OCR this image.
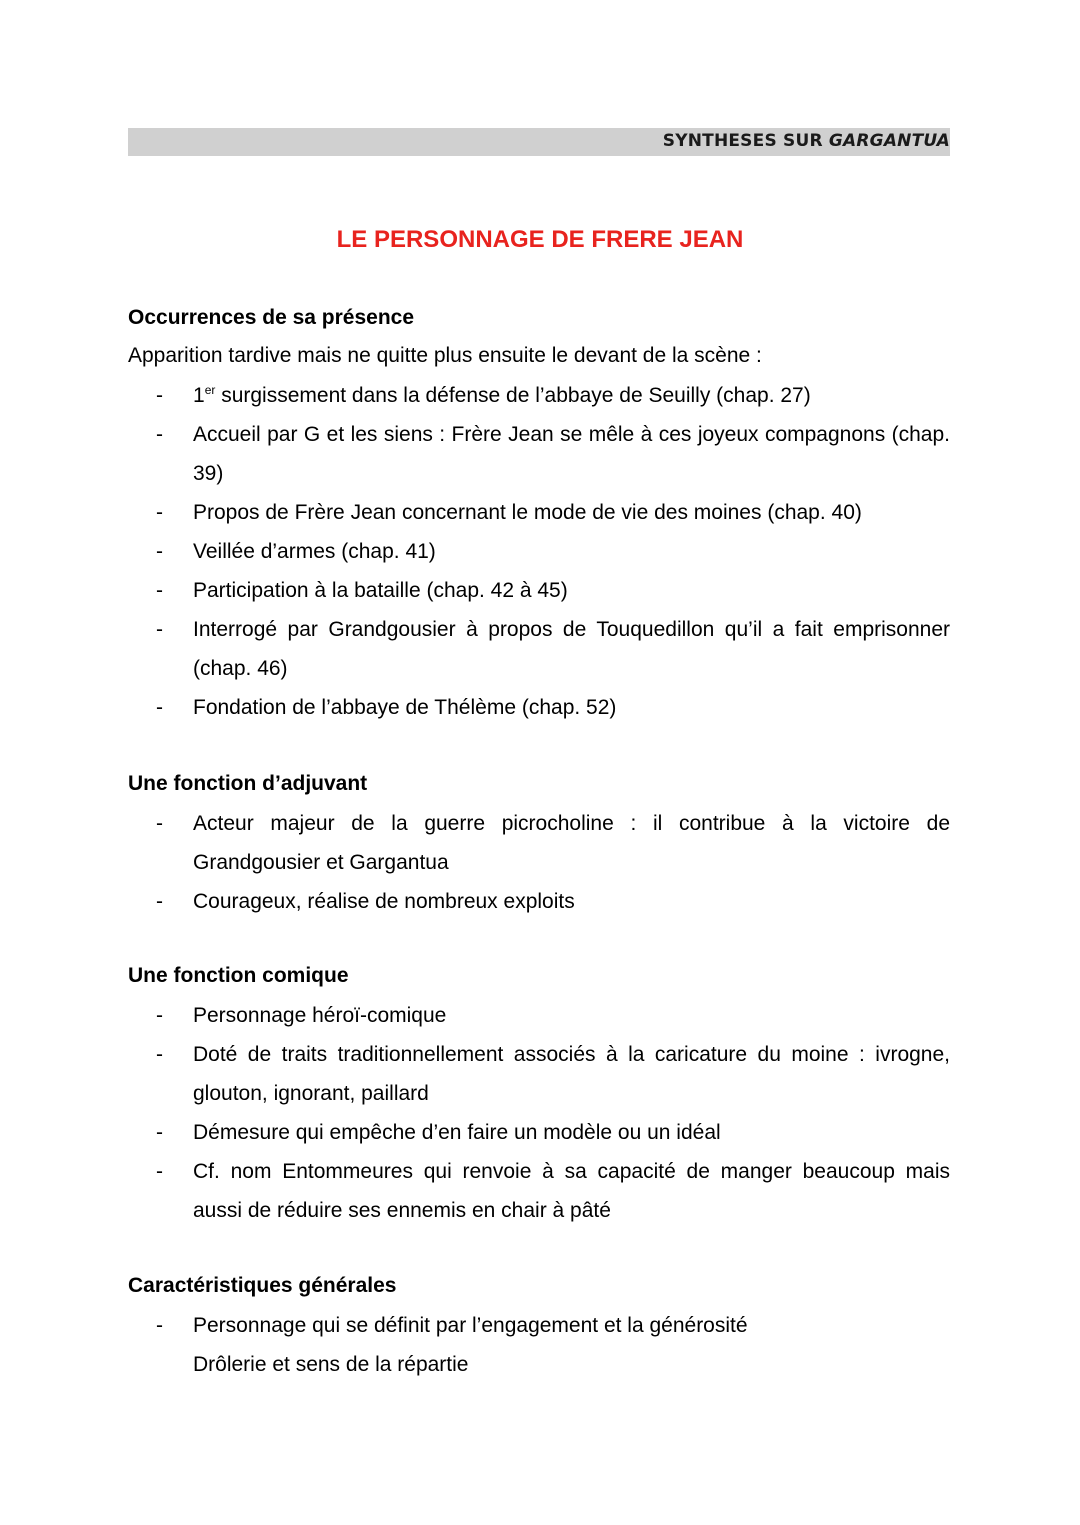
SYNTHESES SUR GARGANTUA
LE PERSONNAGE DE FRERE JEAN

Occurrences de sa présence

Apparition tardive mais ne quitte plus ensuite le devant de la scène :

- 1er surgissement dans la défense de l’abbaye de Seuilly (chap. 27)
- Accueil par G et les siens : Frère Jean se mêle à ces joyeux compagnons (chap. 39)
- Propos de Frère Jean concernant le mode de vie des moines (chap. 40)
- Veillée d’armes (chap. 41)
- Participation à la bataille (chap. 42 à 45)
- Interrogé par Grandgousier à propos de Touquedillon qu’il a fait emprisonner (chap. 46)
- Fondation de l’abbaye de Thélème (chap. 52)

Une fonction d’adjuvant

- Acteur majeur de la guerre picrocholine : il contribue à la victoire de Grandgousier et Gargantua
- Courageux, réalise de nombreux exploits

Une fonction comique

- Personnage héroï-comique
- Doté de traits traditionnellement associés à la caricature du moine : ivrogne, glouton, ignorant, paillard
- Démesure qui empêche d’en faire un modèle ou un idéal
- Cf. nom Entommeures qui renvoie à sa capacité de manger beaucoup mais aussi de réduire ses ennemis en chair à pâté

Caractéristiques générales

- Personnage qui se définit par l’engagement et la générosité
Drôlerie et sens de la répartie
